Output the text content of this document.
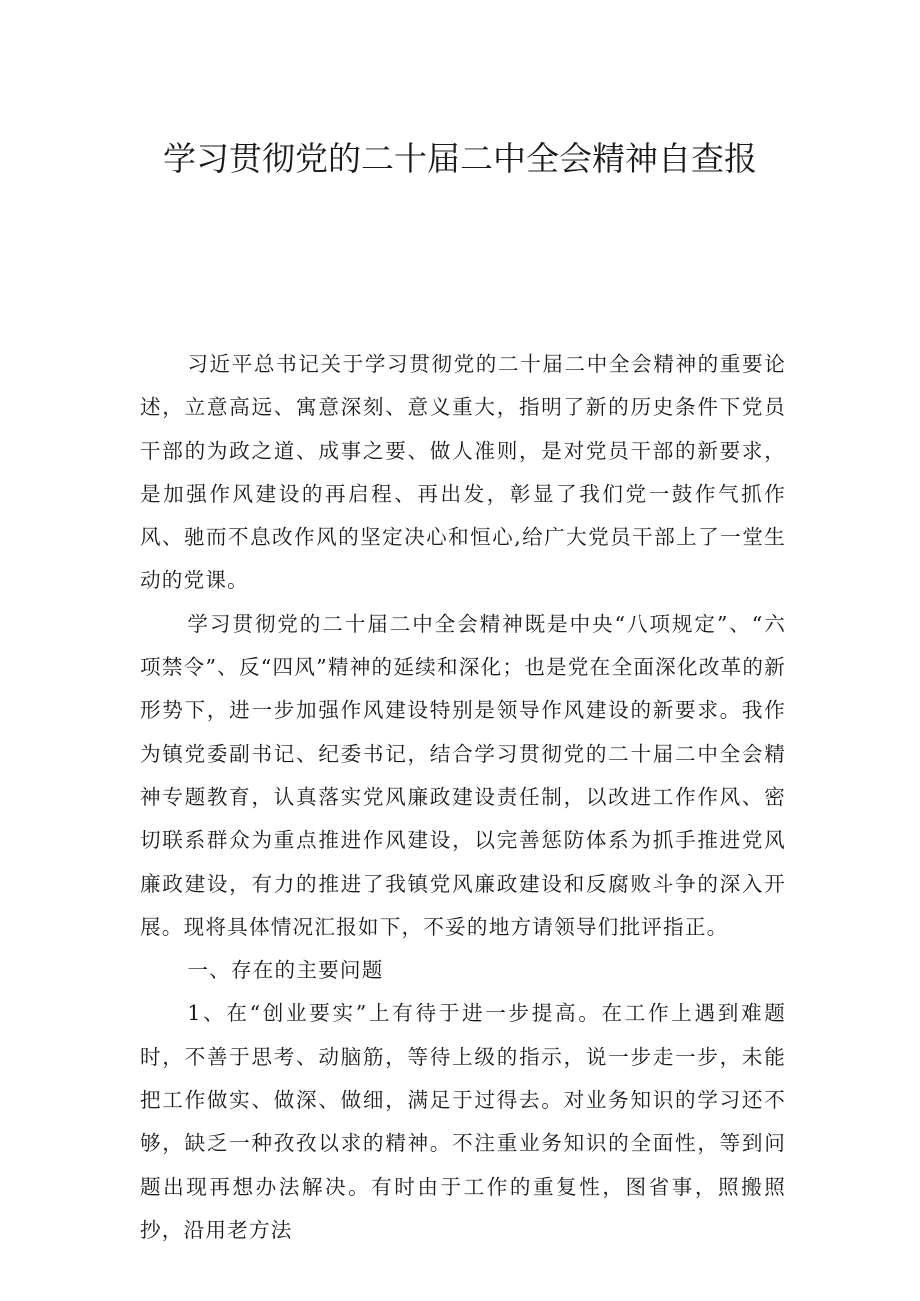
学习贯彻党的二十届二中全会精神自查报

习近平总书记关于学习贯彻党的二十届二中全会精神的重要论述，立意高远、寓意深刻、意义重大，指明了新的历史条件下党员干部的为政之道、成事之要、做人准则，是对党员干部的新要求，是加强作风建设的再启程、再出发，彰显了我们党一鼓作气抓作风、驰而不息改作风的坚定决心和恒心,给广大党员干部上了一堂生动的党课。

学习贯彻党的二十届二中全会精神既是中央“八项规定”、“六项禁令”、反“四风”精神的延续和深化；也是党在全面深化改革的新形势下，进一步加强作风建设特别是领导作风建设的新要求。我作为镇党委副书记、纪委书记，结合学习贯彻党的二十届二中全会精神专题教育，认真落实党风廉政建设责任制，以改进工作作风、密切联系群众为重点推进作风建设，以完善惩防体系为抓手推进党风廉政建设，有力的推进了我镇党风廉政建设和反腐败斗争的深入开展。现将具体情况汇报如下，不妥的地方请领导们批评指正。

一、存在的主要问题

1、在“创业要实”上有待于进一步提高。在工作上遇到难题时，不善于思考、动脑筋，等待上级的指示，说一步走一步，未能把工作做实、做深、做细，满足于过得去。对业务知识的学习还不够，缺乏一种孜孜以求的精神。不注重业务知识的全面性，等到问题出现再想办法解决。有时由于工作的重复性，图省事，照搬照抄，沿用老方法
